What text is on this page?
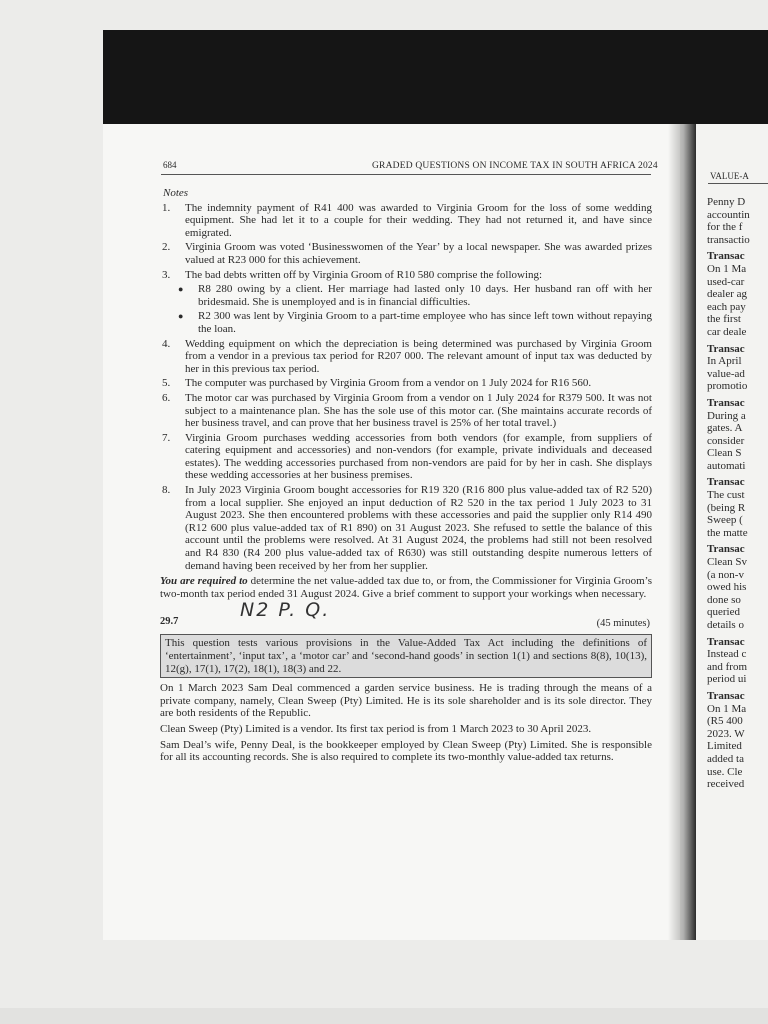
VALUE-A
Penny D
accountin
for the f
transactio
Transac
On 1 Ma
used-car
dealer ag
each pay
the first
car deale
Transac
In April
value-ad
promotio
Transac
During a
gates. A
consider
Clean S
automati
Transac
The cust
(being R
Sweep (
the matte
Transac
Clean Sv
(a non-v
owed his
done so
queried
details o
Transac
Instead c
and from
period ui
Transac
On 1 Ma
(R5 400
2023. W
Limited
added ta
use. Cle
received
684	GRADED QUESTIONS ON INCOME TAX IN SOUTH AFRICA 2024
Notes
1. The indemnity payment of R41 400 was awarded to Virginia Groom for the loss of some wedding equipment. She had let it to a couple for their wedding. They had not returned it, and have since emigrated.
2. Virginia Groom was voted ‘Businesswomen of the Year’ by a local newspaper. She was awarded prizes valued at R23 000 for this achievement.
3. The bad debts written off by Virginia Groom of R10 580 comprise the following:
● R8 280 owing by a client. Her marriage had lasted only 10 days. Her husband ran off with her bridesmaid. She is unemployed and is in financial difficulties.
● R2 300 was lent by Virginia Groom to a part-time employee who has since left town without repaying the loan.
4. Wedding equipment on which the depreciation is being determined was purchased by Virginia Groom from a vendor in a previous tax period for R207 000. The relevant amount of input tax was deducted by her in this previous tax period.
5. The computer was purchased by Virginia Groom from a vendor on 1 July 2024 for R16 560.
6. The motor car was purchased by Virginia Groom from a vendor on 1 July 2024 for R379 500. It was not subject to a maintenance plan. She has the sole use of this motor car. (She maintains accurate records of her business travel, and can prove that her business travel is 25% of her total travel.)
7. Virginia Groom purchases wedding accessories from both vendors (for example, from suppliers of catering equipment and accessories) and non-vendors (for example, private individuals and deceased estates). The wedding accessories purchased from non-vendors are paid for by her in cash. She displays these wedding accessories at her business premises.
8. In July 2023 Virginia Groom bought accessories for R19 320 (R16 800 plus value-added tax of R2 520) from a local supplier. She enjoyed an input deduction of R2 520 in the tax period 1 July 2023 to 31 August 2023. She then encountered problems with these accessories and paid the supplier only R14 490 (R12 600 plus value-added tax of R1 890) on 31 August 2023. She refused to settle the balance of this account until the problems were resolved. At 31 August 2024, the problems had still not been resolved and R4 830 (R4 200 plus value-added tax of R630) was still outstanding despite numerous letters of demand having been received by her from her supplier.
You are required to determine the net value-added tax due to, or from, the Commissioner for Virginia Groom’s two-month tax period ended 31 August 2024. Give a brief comment to support your workings when necessary.
29.7
N2 P. Q.
(45 minutes)
This question tests various provisions in the Value-Added Tax Act including the definitions of ‘entertainment’, ‘input tax’, a ‘motor car’ and ‘second-hand goods’ in section 1(1) and sections 8(8), 10(13), 12(g), 17(1), 17(2), 18(1), 18(3) and 22.
On 1 March 2023 Sam Deal commenced a garden service business. He is trading through the means of a private company, namely, Clean Sweep (Pty) Limited. He is its sole shareholder and is its sole director. They are both residents of the Republic.
Clean Sweep (Pty) Limited is a vendor. Its first tax period is from 1 March 2023 to 30 April 2023.
Sam Deal’s wife, Penny Deal, is the bookkeeper employed by Clean Sweep (Pty) Limited. She is responsible for all its accounting records. She is also required to complete its two-monthly value-added tax returns.
